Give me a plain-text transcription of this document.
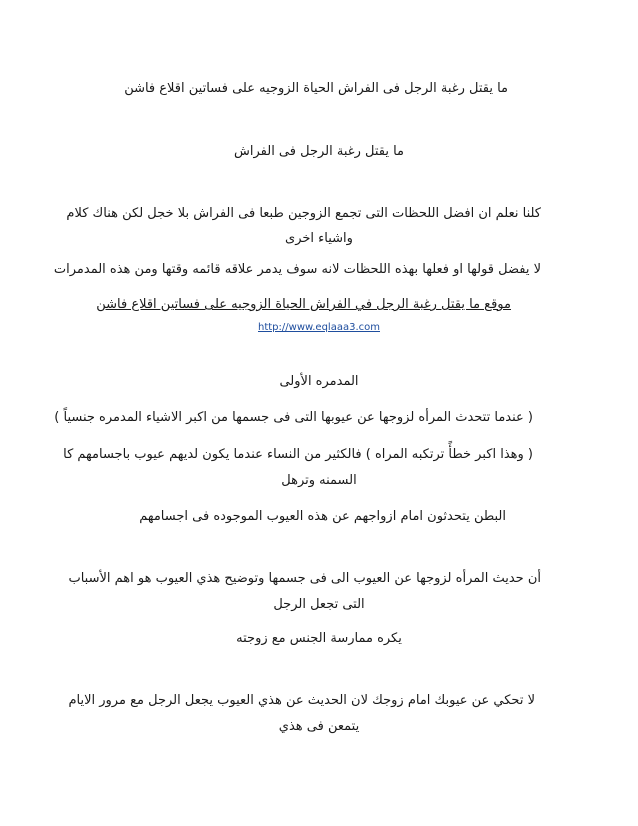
ما يقتل رغبة الرجل فى الفراش الحياة الزوجيه على فساتين اقلاع فاشن
ما يقتل رغبة الرجل فى الفراش
كلنا نعلم ان افضل اللحظات التى تجمع الزوجين طبعا فى الفراش بلا خجل لكن هناك كلام
واشياء اخرى
لا يفضل قولها او فعلها بهذه اللحظات لانه سوف يدمر علاقه قائمه وقتها ومن هذه المدمرات
موقع ما يقتل رغبة الرجل في الفراش الحياة الزوجيه على فساتين اقلاع فاشن
http://www.eqlaaa3.com
المدمره الأولى
( عندما تتحدث المرأه لزوجها عن عيوبها التى فى جسمها من اكبر الاشياء المدمره جنسياً )
( وهذا اكبر خطأً ترتكبه المراه ) فالكثير من النساء عندما يكون لديهم عيوب باجسامهم كا
السمنه وترهل
البطن يتحدثون امام ازواجهم عن هذه العيوب الموجوده فى اجسامهم
أن حديث المرأه لزوجها عن العيوب الى فى جسمها وتوضيح هذي العيوب هو اهم الأسباب
التى تجعل الرجل
يكره ممارسة الجنس مع زوجته
لا تحكي عن عيوبك امام زوجك لان الحديث عن هذي العيوب يجعل الرجل مع مرور الايام
يتمعن فى هذي
